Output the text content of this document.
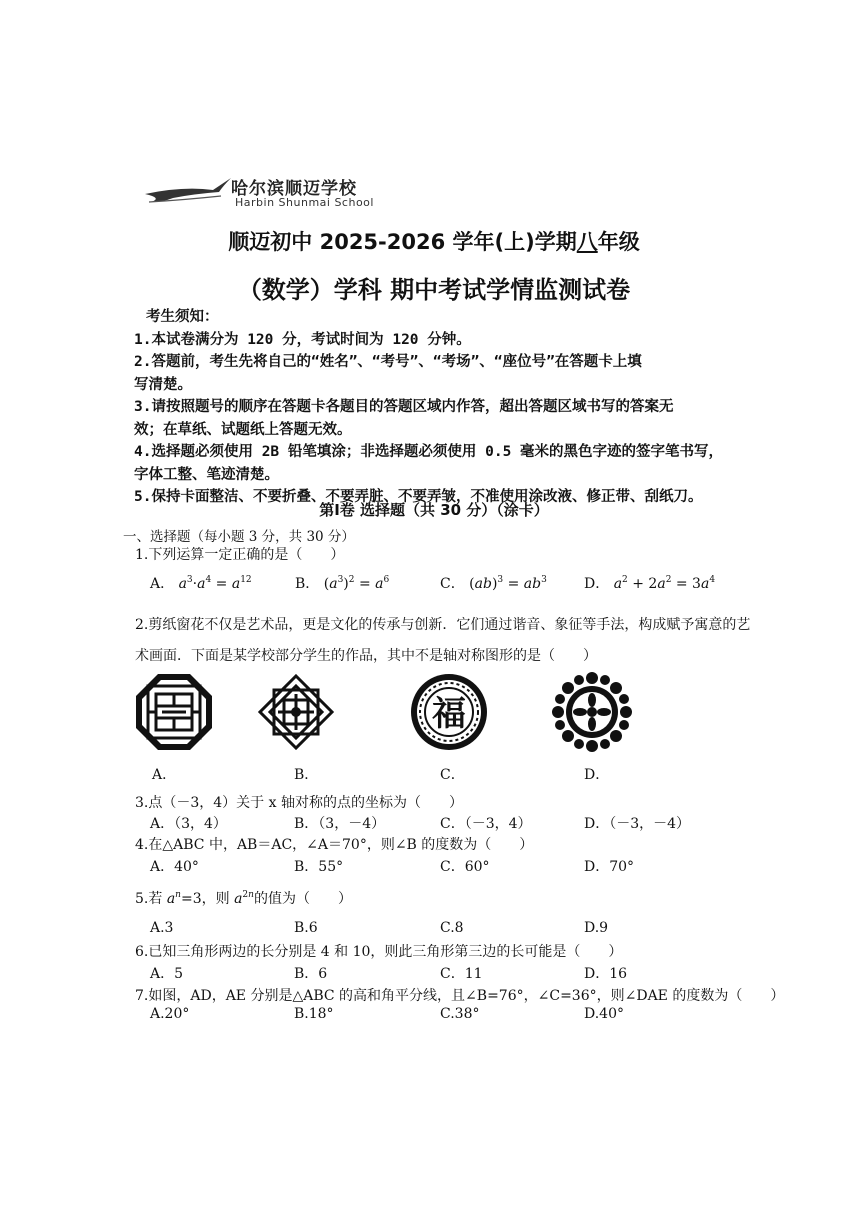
哈尔滨顺迈学校
Harbin Shunmai School
顺迈初中 2025-2026 学年(上)学期八年级
（数学）学科 期中考试学情监测试卷
考生须知：
1.本试卷满分为 120 分，考试时间为 120 分钟。
2.答题前，考生先将自己的“姓名”、“考号”、“考场”、“座位号”在答题卡上填
写清楚。
3.请按照题号的顺序在答题卡各题目的答题区域内作答，超出答题区域书写的答案无
效；在草纸、试题纸上答题无效。
4.选择题必须使用 2B 铅笔填涂；非选择题必须使用 0.5 毫米的黑色字迹的签字笔书写，
字体工整、笔迹清楚。
5.保持卡面整洁、不要折叠、不要弄脏、不要弄皱，不准使用涂改液、修正带、刮纸刀。
第Ⅰ卷 选择题（共 30 分）（涂卡）
一、选择题（每小题 3 分，共 30 分）
1.下列运算一定正确的是（　　）
A． $a^3\cdot a^4 = a^{12}$	B． $(a^3)^2 = a^6$	C． $(ab)^3 = ab^3$	D． $a^2 + 2a^2 = 3a^4$
2.剪纸窗花不仅是艺术品，更是文化的传承与创新．它们通过谐音、象征等手法，构成赋予寓意的艺
术画面．下面是某学校部分学生的作品，其中不是轴对称图形的是（　　）
福
A．	B．	C．	D．
3.点（－3，4）关于 x 轴对称的点的坐标为（　　）
A．（3，4）	B．（3，－4）	C．（－3，4）	D．（－3，－4）
4.在△ABC 中，AB＝AC，∠A＝70°，则∠B 的度数为（　　）
A．40°	B．55°	C．60°	D．70°
5.若 $a^n=3$，则 $a^{2n}$的值为（　　）
A.3	B.6	C.8	D.9
6.已知三角形两边的长分别是 4 和 10，则此三角形第三边的长可能是（　　）
A．5	B．6	C．11	D．16
7.如图，AD，AE 分别是△ABC 的高和角平分线，且∠B=76°，∠C=36°，则∠DAE 的度数为（　　）
A.20°	B.18°	C.38°	D.40°
